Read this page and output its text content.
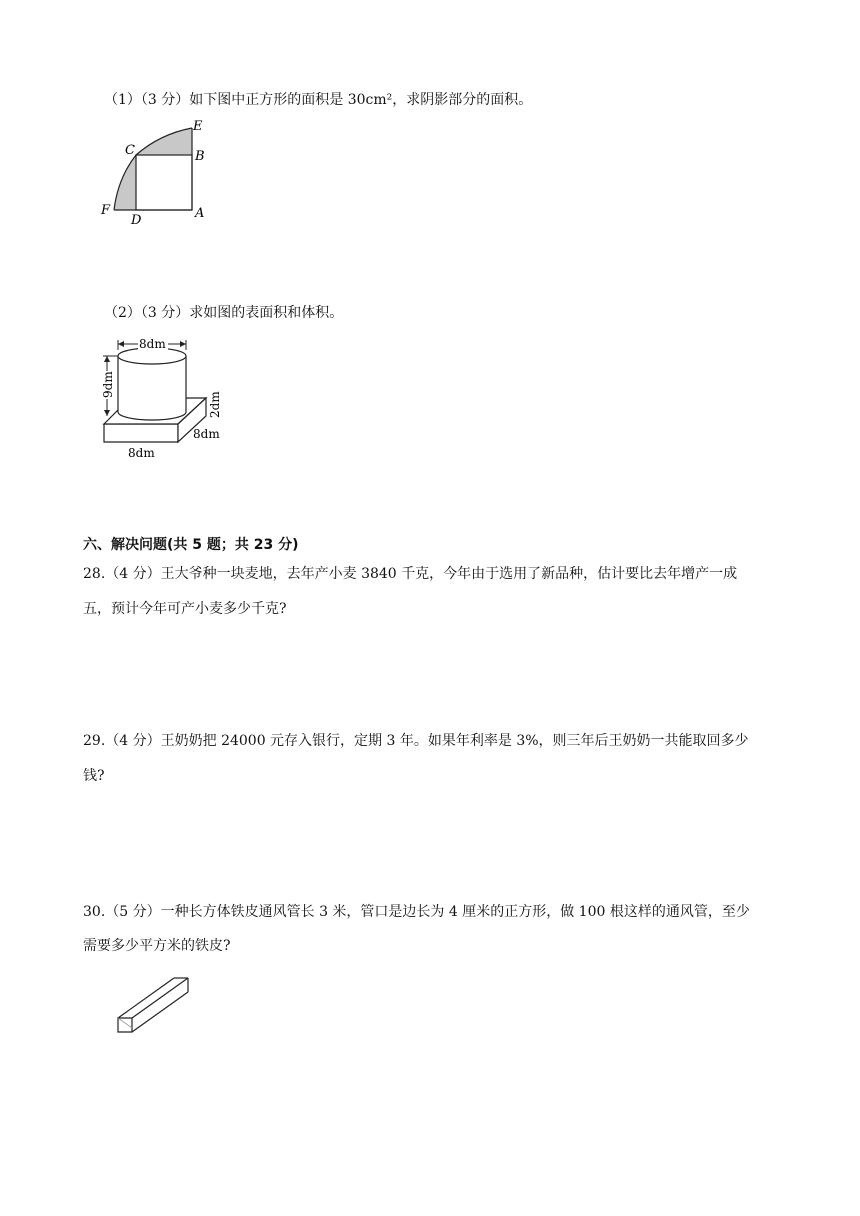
（1）（3 分）如下图中正方形的面积是 30cm²，求阴影部分的面积。
E
C	B
F
D	A
（2）（3 分）求如图的表面积和体积。
8dm
9dm
2dm
8dm
8dm
六、解决问题(共 5 题；共 23 分)
28.（4 分）王大爷种一块麦地，去年产小麦 3840 千克，今年由于选用了新品种，估计要比去年增产一成
五，预计今年可产小麦多少千克?
29.（4 分）王奶奶把 24000 元存入银行，定期 3 年。如果年利率是 3%，则三年后王奶奶一共能取回多少
钱?
30.（5 分）一种长方体铁皮通风管长 3 米，管口是边长为 4 厘米的正方形，做 100 根这样的通风管，至少
需要多少平方米的铁皮?
